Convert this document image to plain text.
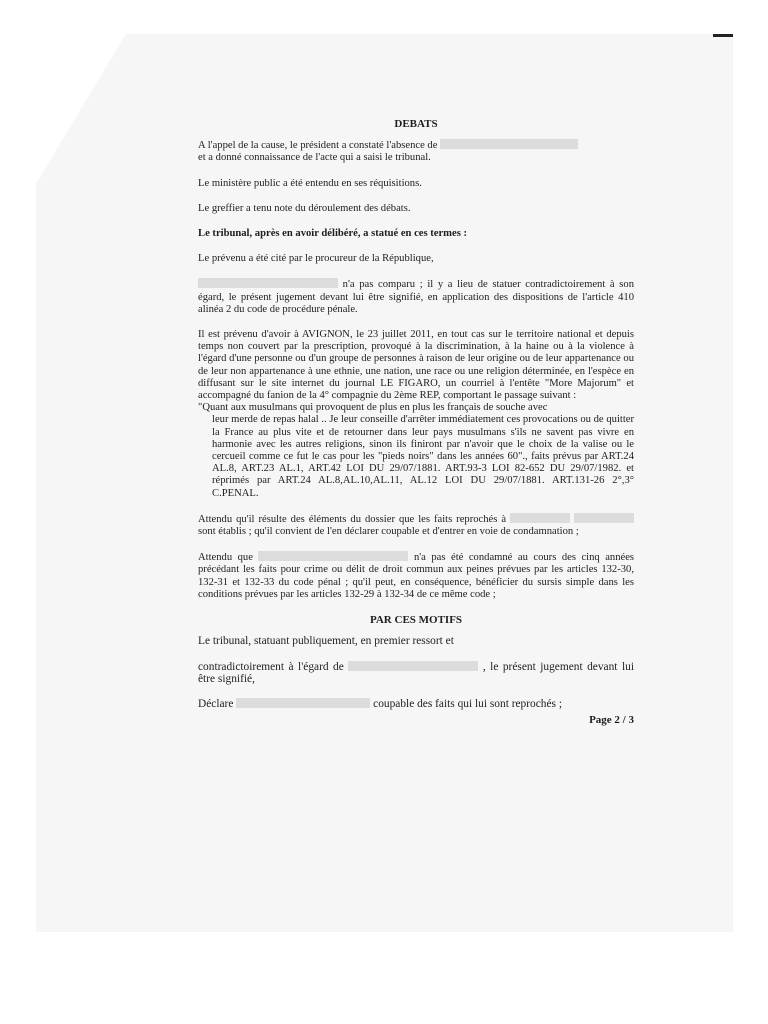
DEBATS

A l'appel de la cause, le président a constaté l'absence de
et a donné connaissance de l'acte qui a saisi le tribunal.

Le ministère public a été entendu en ses réquisitions.

Le greffier a tenu note du déroulement des débats.

Le tribunal, après en avoir délibéré, a statué en ces termes :

Le prévenu a été cité par le procureur de la République,

n'a pas comparu ; il y a lieu de statuer contradictoirement à son égard, le présent jugement devant lui être signifié, en application des dispositions de l'article 410 alinéa 2 du code de procédure pénale.

Il est prévenu d'avoir à AVIGNON, le 23 juillet 2011, en tout cas sur le territoire national et depuis temps non couvert par la prescription, provoqué à la discrimination, à la haine ou à la violence à l'égard d'une personne ou d'un groupe de personnes à raison de leur origine ou de leur appartenance ou de leur non appartenance à une ethnie, une nation, une race ou une religion déterminée, en l'espèce en diffusant sur le site internet du journal LE FIGARO, un courriel à l'entête "More Majorum" et accompagné du fanion de la 4° compagnie du 2ème REP, comportant le passage suivant :

"Quant aux musulmans qui provoquent de plus en plus les français de souche avec
leur merde de repas halal .. Je leur conseille d'arrêter immédiatement ces provocations ou de quitter la France au plus vite et de retourner dans leur pays musulmans s'ils ne savent pas vivre en harmonie avec les autres religions, sinon ils finiront par n'avoir que le choix de la valise ou le cercueil comme ce fut le cas pour les "pieds noirs" dans les années 60"., faits prévus par ART.24 AL.8, ART.23 AL.1, ART.42 LOI DU 29/07/1881. ART.93-3 LOI 82-652 DU 29/07/1982. et réprimés par ART.24 AL.8,AL.10,AL.11, AL.12 LOI DU 29/07/1881. ART.131-26 2°,3° C.PENAL.

Attendu qu'il résulte des éléments du dossier que les faits reprochés à   sont établis ; qu'il convient de l'en déclarer coupable et d'entrer en voie de condamnation ;

Attendu que	n'a pas été condamné au cours des cinq années précédant les faits pour crime ou délit de droit commun aux peines prévues par les articles 132-30, 132-31 et 132-33 du code pénal ; qu'il peut, en conséquence, bénéficier du sursis simple dans les conditions prévues par les articles 132-29 à 132-34 de ce même code ;

PAR CES MOTIFS

Le tribunal, statuant publiquement, en premier ressort et

contradictoirement à l'égard de	, le présent jugement devant lui être signifié,

Déclare	coupable des faits qui lui sont reprochés ;

Page 2 / 3
